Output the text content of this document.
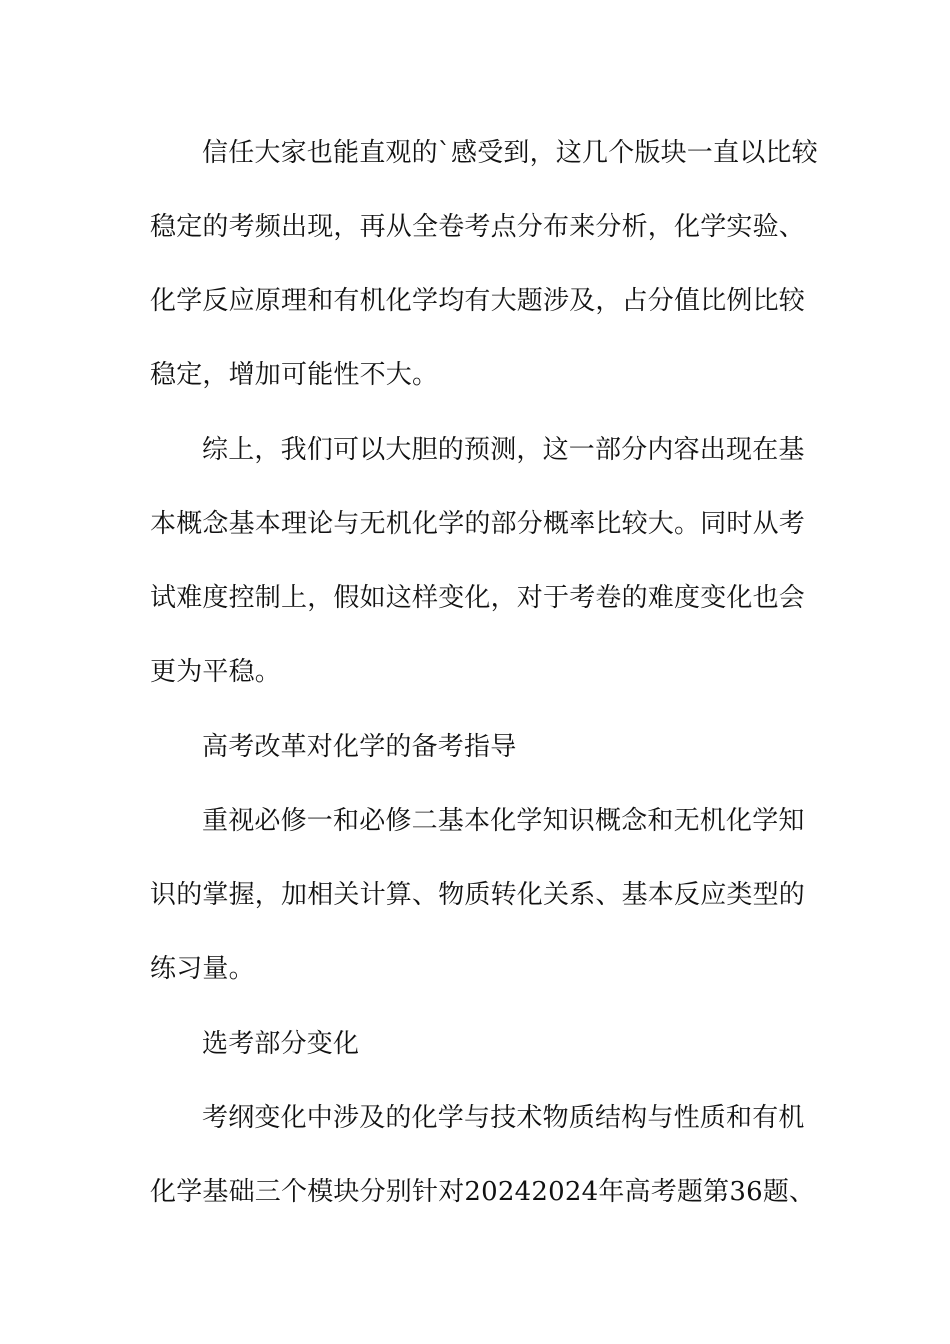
信任大家也能直观的`感受到，这几个版块一直以比较
稳定的考频出现，再从全卷考点分布来分析，化学实验、
化学反应原理和有机化学均有大题涉及，占分值比例比较
稳定，增加可能性不大。
综上，我们可以大胆的预测，这一部分内容出现在基
本概念基本理论与无机化学的部分概率比较大。同时从考
试难度控制上，假如这样变化，对于考卷的难度变化也会
更为平稳。
高考改革对化学的备考指导
重视必修一和必修二基本化学知识概念和无机化学知
识的掌握，加相关计算、物质转化关系、基本反应类型的
练习量。
选考部分变化
考纲变化中涉及的化学与技术物质结构与性质和有机
化学基础三个模块分别针对20242024年高考题第36题、
